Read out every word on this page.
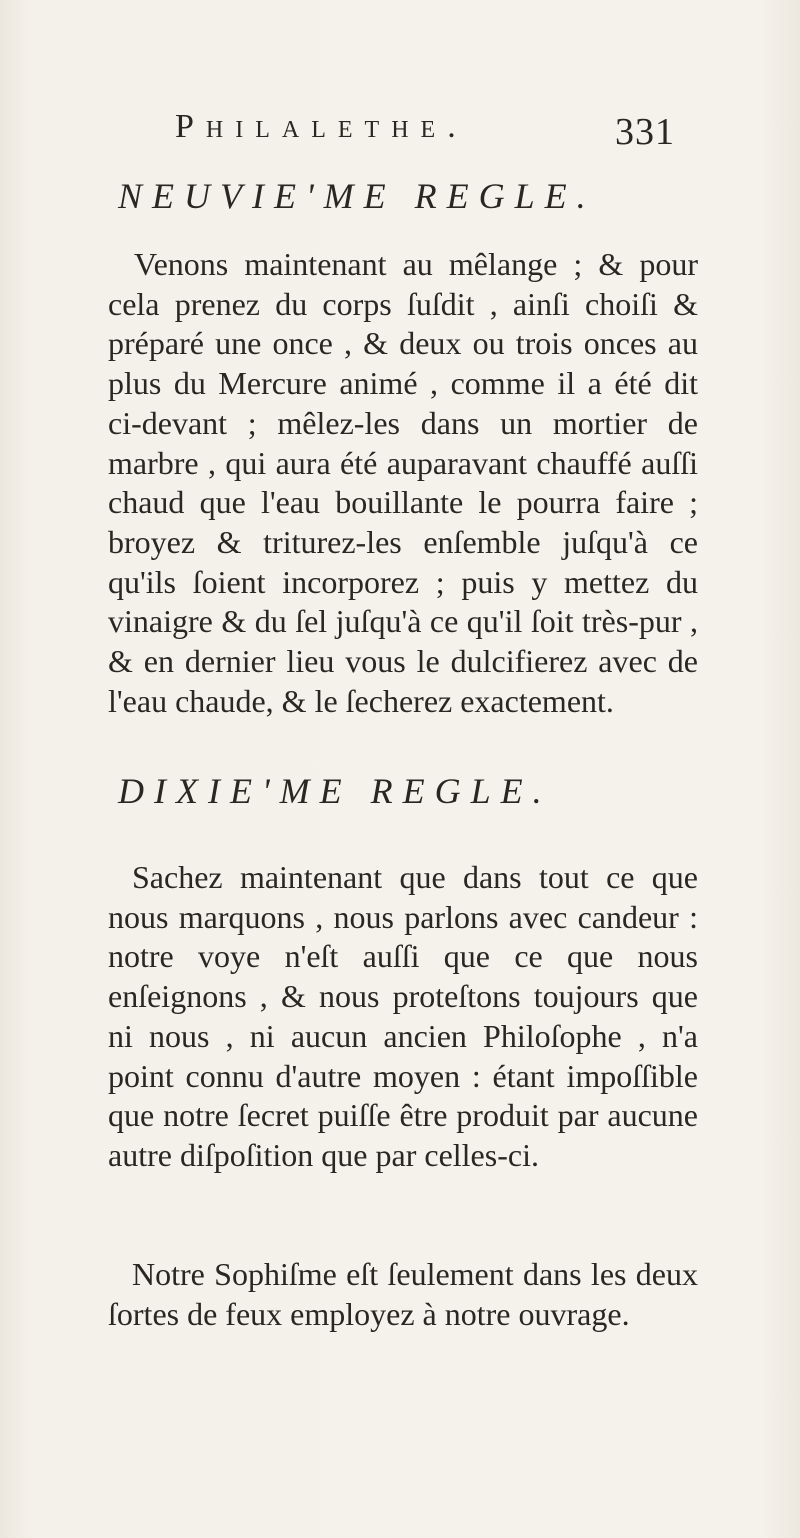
Philalethe.	331
NEUVIE'ME REGLE.
Venons maintenant au mêlange ; & pour cela prenez du corps ſuſdit , ainſi choiſi & préparé une once , & deux ou trois onces au plus du Mercure animé , comme il a été dit ci-devant ; mêlez-les dans un mortier de marbre , qui aura été auparavant chauffé auſſi chaud que l'eau bouillante le pourra faire ; broyez & triturez-les enſemble juſqu'à ce qu'ils ſoient incorporez ; puis y mettez du vinaigre & du ſel juſqu'à ce qu'il ſoit très-pur , & en dernier lieu vous le dulcifierez avec de l'eau chaude, & le ſecherez exactement.
DIXIE'ME REGLE.
Sachez maintenant que dans tout ce que nous marquons , nous parlons avec candeur : notre voye n'eſt auſſi que ce que nous enſeignons , & nous proteſtons toujours que ni nous , ni aucun ancien Philoſophe , n'a point connu d'autre moyen : étant impoſſible que notre ſecret puiſſe être produit par aucune autre diſpoſition que par celles-ci.
Notre Sophiſme eſt ſeulement dans les deux ſortes de feux employez à notre ouvrage.
